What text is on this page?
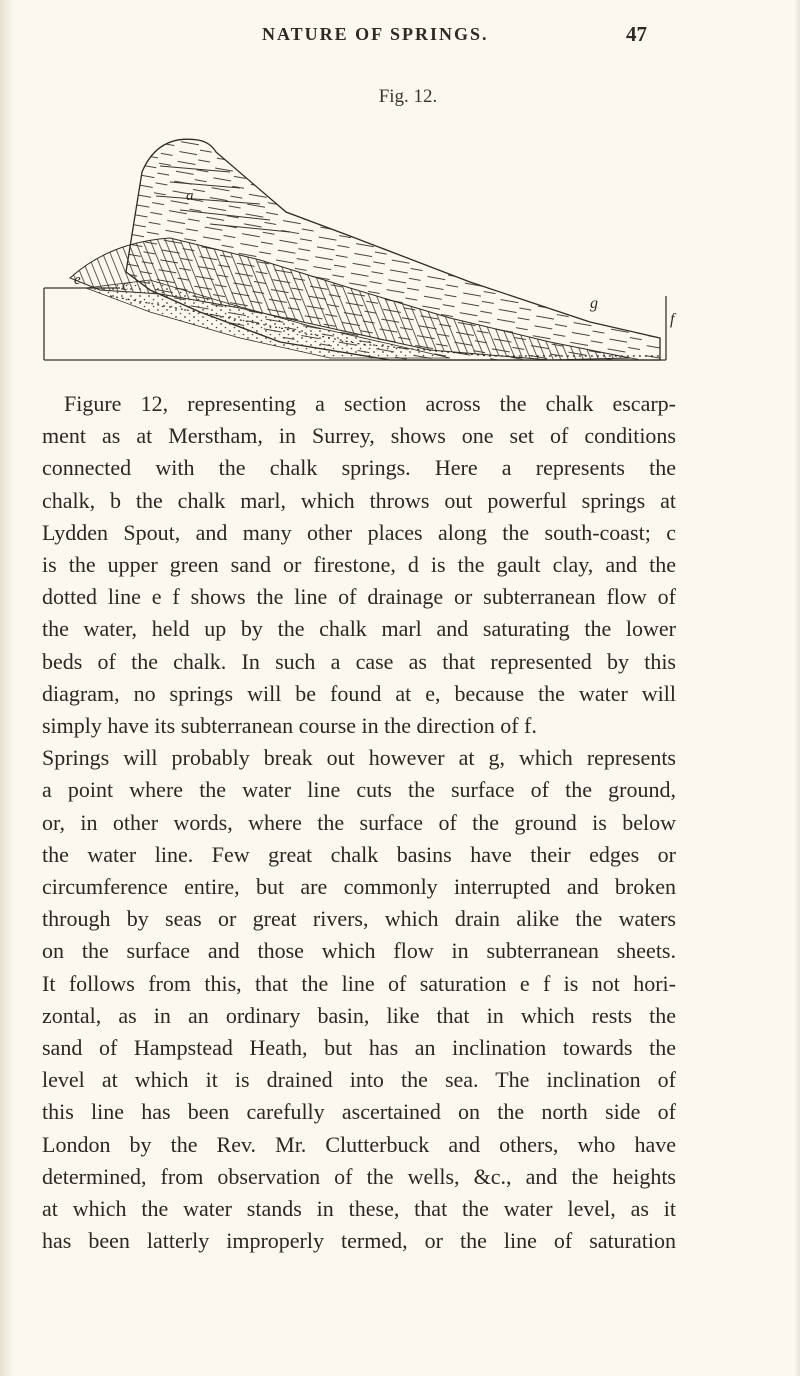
NATURE OF SPRINGS.	47
Fig. 12.
a
c
e
g
f
Figure 12, representing a section across the chalk escarp-
ment as at Merstham, in Surrey, shows one set of conditions
connected with the chalk springs. Here a represents the
chalk, b the chalk marl, which throws out powerful springs at
Lydden Spout, and many other places along the south-coast; c
is the upper green sand or firestone, d is the gault clay, and the
dotted line e f shows the line of drainage or subterranean flow of
the water, held up by the chalk marl and saturating the lower
beds of the chalk. In such a case as that represented by this
diagram, no springs will be found at e, because the water will
simply have its subterranean course in the direction of f.
Springs will probably break out however at g, which represents
a point where the water line cuts the surface of the ground,
or, in other words, where the surface of the ground is below
the water line. Few great chalk basins have their edges or
circumference entire, but are commonly interrupted and broken
through by seas or great rivers, which drain alike the waters
on the surface and those which flow in subterranean sheets.
It follows from this, that the line of saturation e f is not hori-
zontal, as in an ordinary basin, like that in which rests the
sand of Hampstead Heath, but has an inclination towards the
level at which it is drained into the sea. The inclination of
this line has been carefully ascertained on the north side of
London by the Rev. Mr. Clutterbuck and others, who have
determined, from observation of the wells, &c., and the heights
at which the water stands in these, that the water level, as it
has been latterly improperly termed, or the line of saturation
